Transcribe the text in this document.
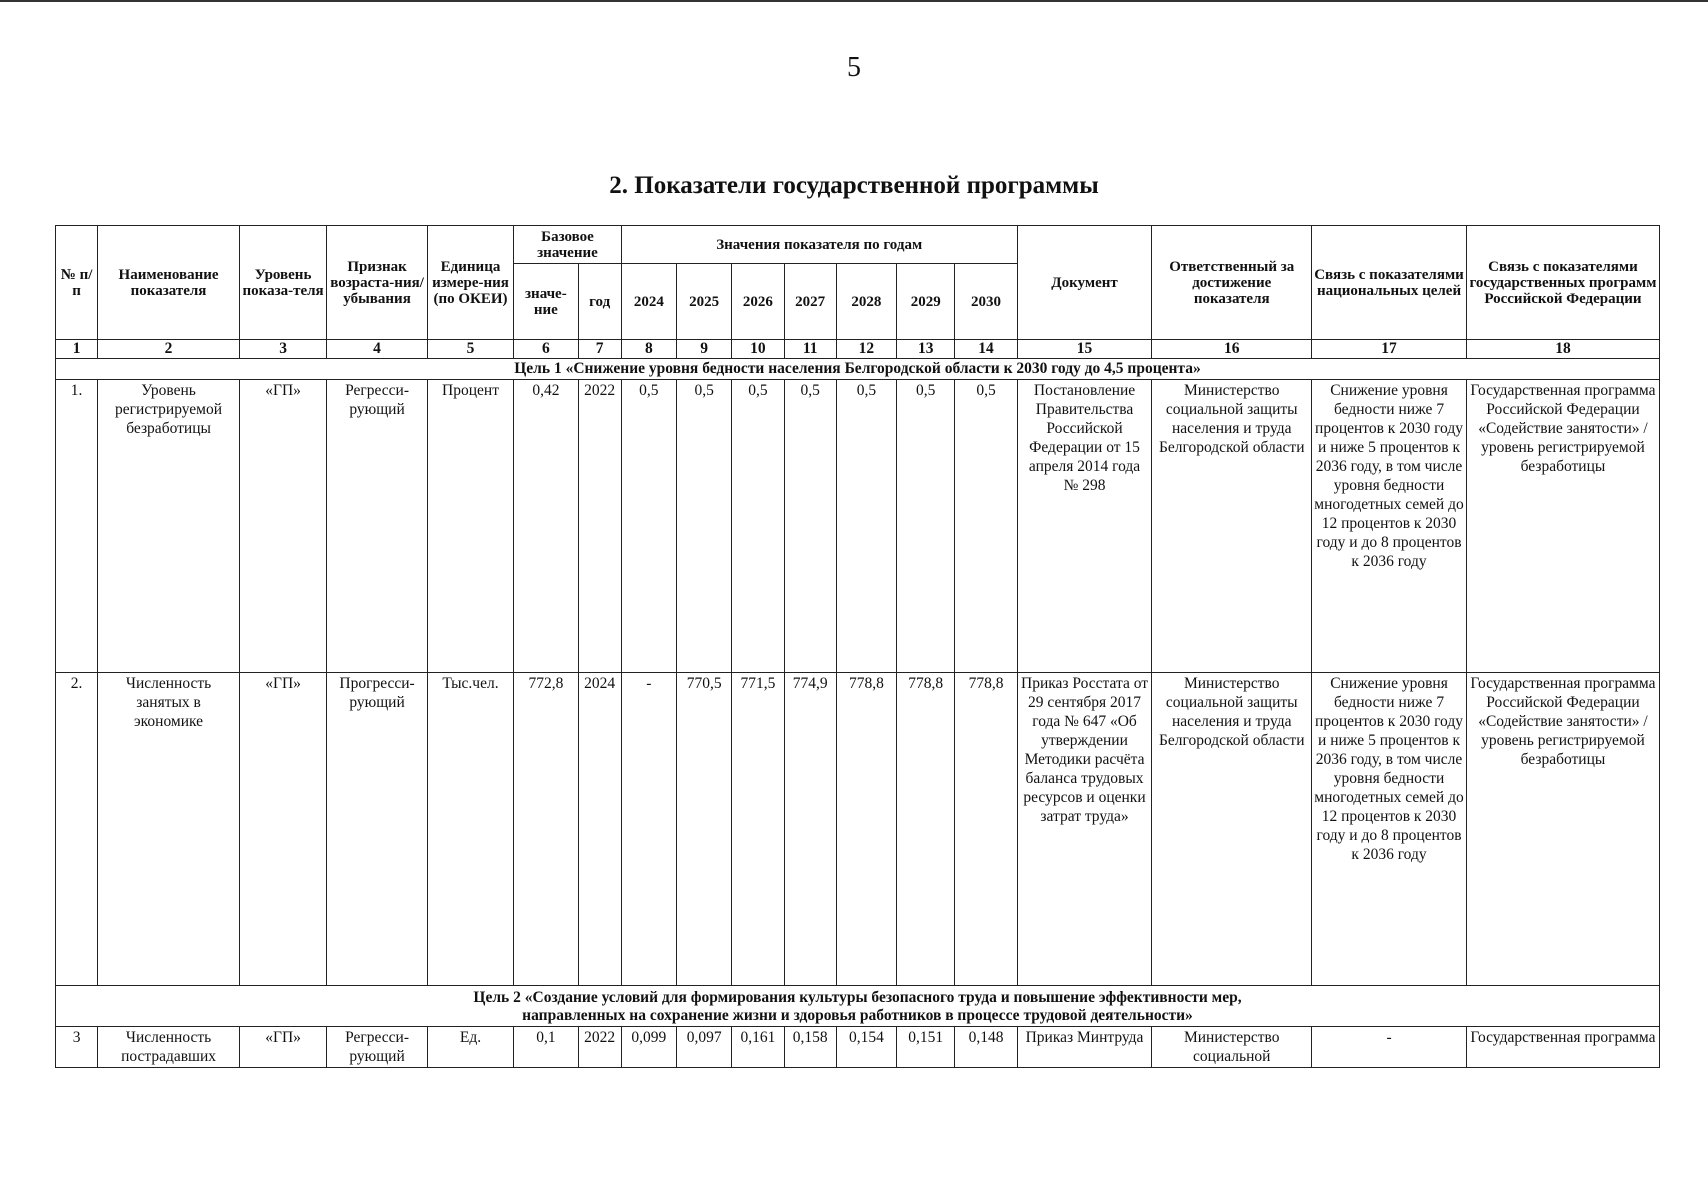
5
2. Показатели государственной программы
№ п/п	Наименование показателя	Уровень показа-теля	Признак возраста-ния/ убывания	Единица измере-ния (по ОКЕИ)	Базовое значение		Значения показателя по годам							Документ	Ответственный за достижение показателя	Связь с показателями национальных целей	Связь с показателями государственных программ Российской Федерации
					значе-ние	год	2024	2025	2026	2027	2028	2029	2030				
1	2	3	4	5	6	7	8	9	10	11	12	13	14	15	16	17	18
Цель 1 «Снижение уровня бедности населения Белгородской области к 2030 году до 4,5 процента»																	
1.	Уровень регистрируемой безработицы	«ГП»	Регресси-рующий	Процент	0,42	2022	0,5	0,5	0,5	0,5	0,5	0,5	0,5	Постановление Правительства Российской Федерации от 15 апреля 2014 года № 298	Министерство социальной защиты населения и труда Белгородской области	Снижение уровня бедности ниже 7 процентов к 2030 году и ниже 5 процентов к 2036 году, в том числе уровня бедности многодетных семей до 12 процентов к 2030 году и до 8 процентов к 2036 году	Государственная программа Российской Федерации «Содействие занятости» / уровень регистрируемой безработицы
2.	Численность занятых в экономике	«ГП»	Прогресси-рующий	Тыс.чел.	772,8	2024	-	770,5	771,5	774,9	778,8	778,8	778,8	Приказ Росстата от 29 сентября 2017 года № 647 «Об утверждении Методики расчёта баланса трудовых ресурсов и оценки затрат труда»	Министерство социальной защиты населения и труда Белгородской области	Снижение уровня бедности ниже 7 процентов к 2030 году и ниже 5 процентов к 2036 году, в том числе уровня бедности многодетных семей до 12 процентов к 2030 году и до 8 процентов к 2036 году	Государственная программа Российской Федерации «Содействие занятости» / уровень регистрируемой безработицы

Цель 2 «Создание условий для формирования культуры безопасного труда и повышение эффективности мер,
направленных на сохранение жизни и здоровья работников в процессе трудовой деятельности»																	

3	Численность пострадавших	«ГП»	Регресси-рующий	Ед.	0,1	2022	0,099	0,097	0,161	0,158	0,154	0,151	0,148	Приказ Минтруда	Министерство социальной	-	Государственная программа
